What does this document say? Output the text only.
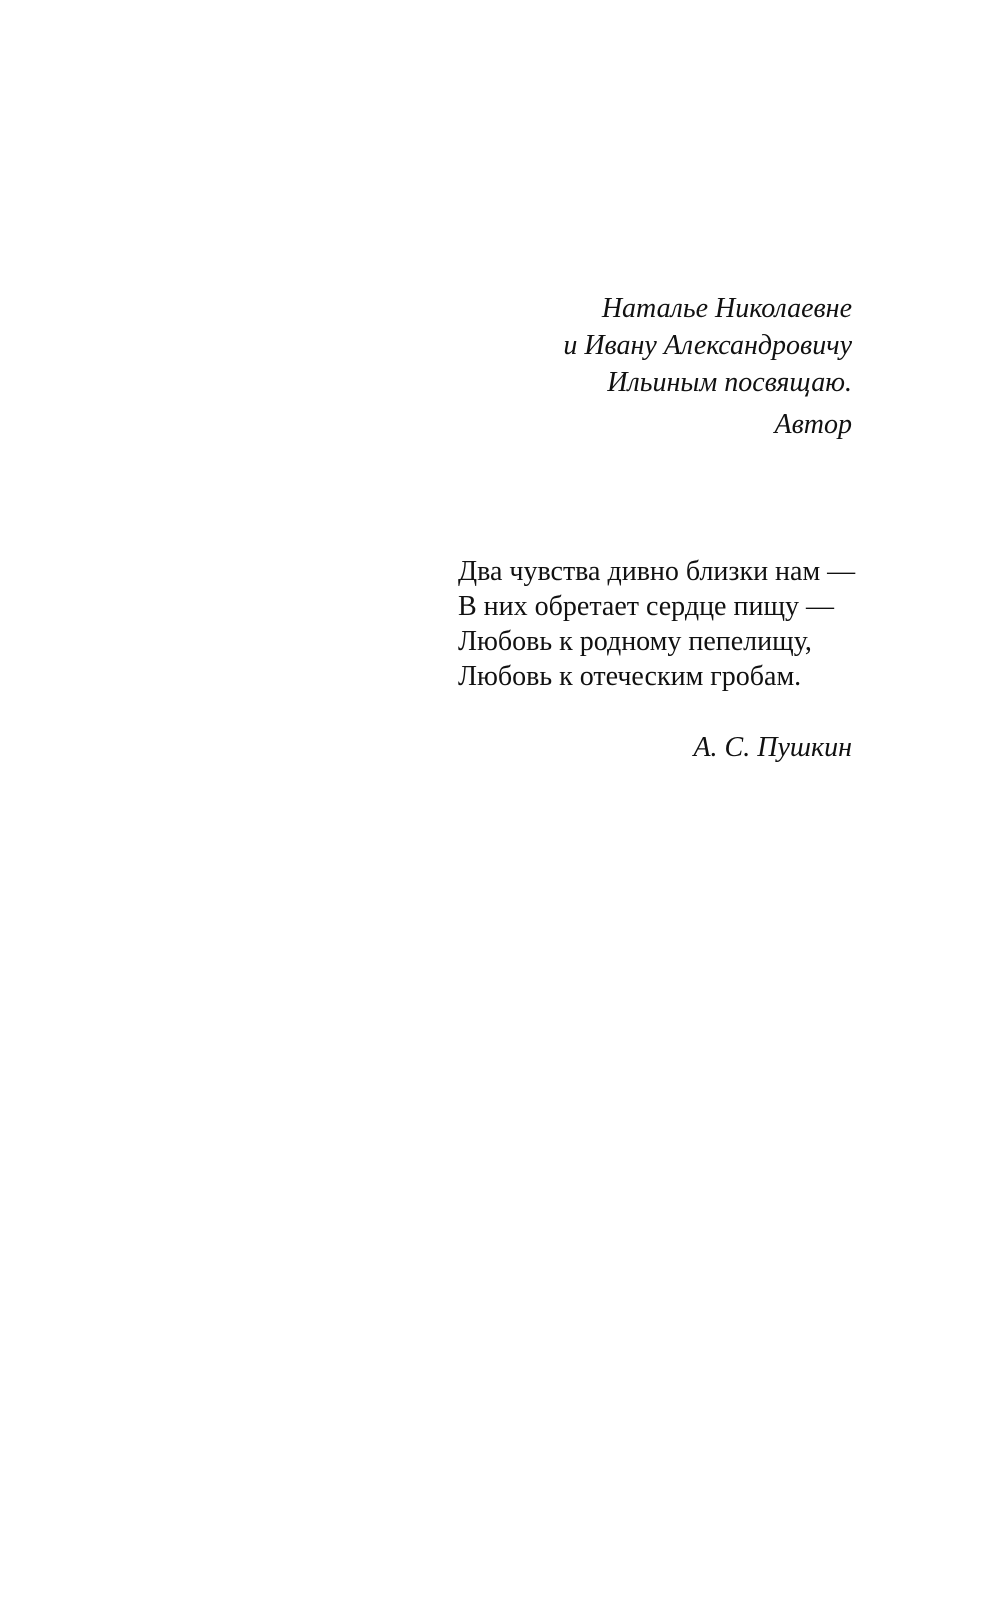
Наталье Николаевне
и Ивану Александровичу
Ильиным посвящаю.

Автор

Два чувства дивно близки нам —
В них обретает сердце пищу —
Любовь к родному пепелищу,
Любовь к отеческим гробам.

А. С. Пушкин
